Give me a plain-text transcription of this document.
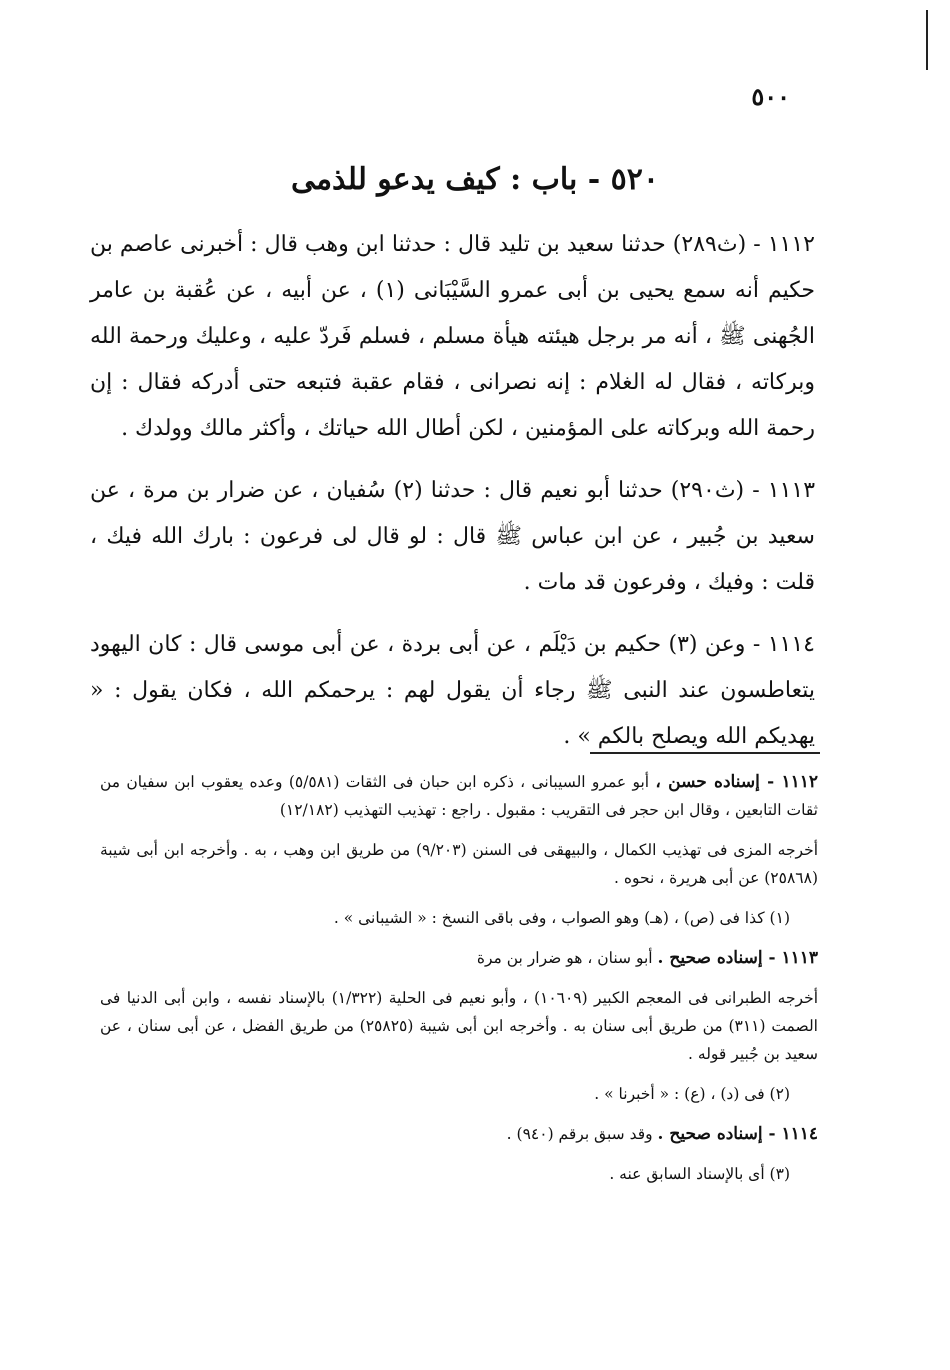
٥٠٠
٥٢٠ - باب : كيف يدعو للذمى

١١١٢ - (ث٢٨٩) حدثنا سعيد بن تليد قال : حدثنا ابن وهب قال : أخبرنى عاصم بن حكيم أنه سمع يحيى بن أبى عمرو السَّيْبَانى (١) ، عن أبيه ، عن عُقبة بن عامر الجُهنى ﷺ ، أنه مر برجل هيئته هيأة مسلم ، فسلم فَردّ عليه ، وعليك ورحمة الله وبركاته ، فقال له الغلام : إنه نصرانى ، فقام عقبة فتبعه حتى أدركه فقال : إن رحمة الله وبركاته على المؤمنين ، لكن أطال الله حياتك ، وأكثر مالك وولدك .

١١١٣ - (ث٢٩٠) حدثنا أبو نعيم قال : حدثنا (٢) سُفيان ، عن ضرار بن مرة ، عن سعيد بن جُبير ، عن ابن عباس ﷺ قال : لو قال لى فرعون : بارك الله فيك ، قلت : وفيك ، وفرعون قد مات .

١١١٤ - وعن (٣) حكيم بن دَيْلَم ، عن أبى بردة ، عن أبى موسى قال : كان اليهود يتعاطسون عند النبى ﷺ رجاء أن يقول لهم : يرحمكم الله ، فكان يقول : « يهديكم الله ويصلح بالكم » .

١١١٢ - إسناده حسن ، أبو عمرو السيبانى ، ذكره ابن حبان فى الثقات (٥/٥٨١) وعده يعقوب ابن سفيان من ثقات التابعين ، وقال ابن حجر فى التقريب : مقبول . راجع : تهذيب التهذيب (١٢/١٨٢)

أخرجه المزى فى تهذيب الكمال ، والبيهقى فى السنن (٩/٢٠٣) من طريق ابن وهب ، به . وأخرجه ابن أبى شيبة (٢٥٨٦٨) عن أبى هريرة ، نحوه .

(١) كذا فى (ص) ، (هـ) وهو الصواب ، وفى باقى النسخ : « الشيبانى » .

١١١٣ - إسناده صحيح . أبو سنان ، هو ضرار بن مرة

أخرجه الطبرانى فى المعجم الكبير (١٠٦٠٩) ، وأبو نعيم فى الحلية (١/٣٢٢) بالإسناد نفسه ، وابن أبى الدنيا فى الصمت (٣١١) من طريق أبى سنان به . وأخرجه ابن أبى شيبة (٢٥٨٢٥) من طريق الفضل ، عن أبى سنان ، عن سعيد بن جُبير قوله .

(٢) فى (د) ، (ع) : « أخبرنا » .

١١١٤ - إسناده صحيح . وقد سبق برقم (٩٤٠) .

(٣) أى بالإسناد السابق عنه .
